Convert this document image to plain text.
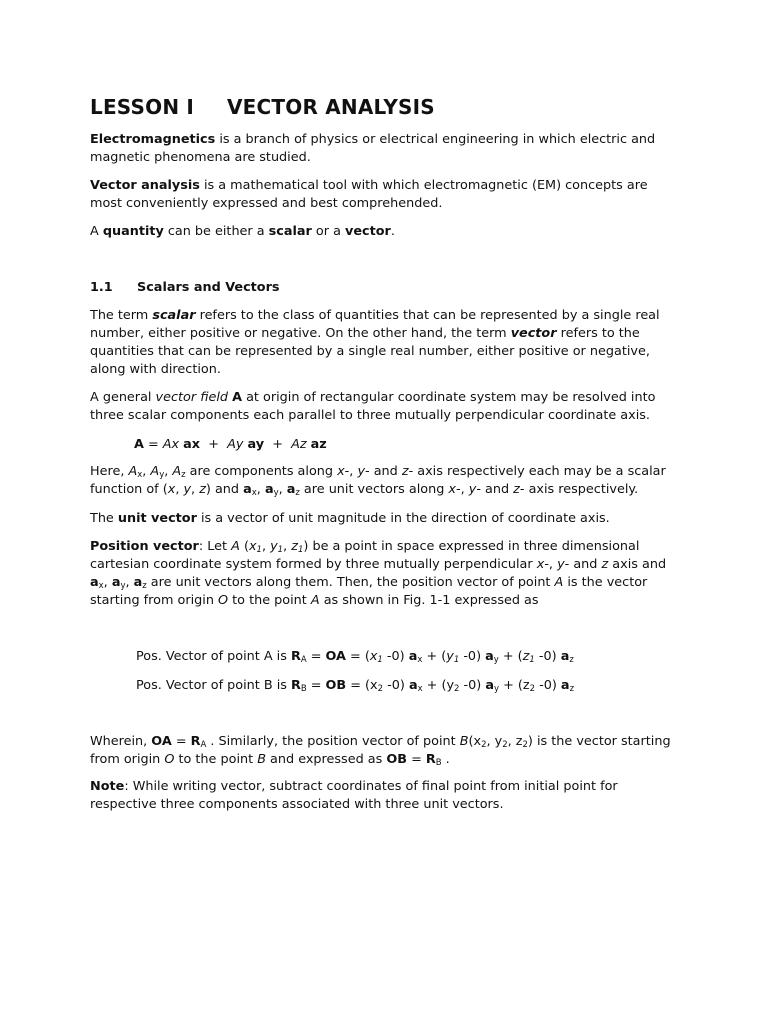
LESSON I VECTOR ANALYSIS

Electromagnetics is a branch of physics or electrical engineering in which electric and magnetic phenomena are studied.

Vector analysis is a mathematical tool with which electromagnetic (EM) concepts are most conveniently expressed and best comprehended.

A quantity can be either a scalar or a vector.

1.1 Scalars and Vectors

The term scalar refers to the class of quantities that can be represented by a single real number, either positive or negative. On the other hand, the term vector refers to the quantities that can be represented by a single real number, either positive or negative, along with direction.

A general vector field A at origin of rectangular coordinate system may be resolved into three scalar components each parallel to three mutually perpendicular coordinate axis.

A = Ax ax + Ay ay + Az az

Here, $A_x$, $A_y$, $A_z$ are components along x-, y- and z- axis respectively each may be a scalar function of (x, y, z) and $a_x$, $a_y$, $a_z$ are unit vectors along x-, y- and z- axis respectively.

The unit vector is a vector of unit magnitude in the direction of coordinate axis.

Position vector: Let A ($x_1$, $y_1$, $z_1$) be a point in space expressed in three dimensional cartesian coordinate system formed by three mutually perpendicular x-, y- and z axis and $a_x$, $a_y$, $a_z$ are unit vectors along them. Then, the position vector of point A is the vector starting from origin O to the point A as shown in Fig. 1-1 expressed as

Pos. Vector of point A is $R_A$ = OA = ($x_1$ -0) $a_x + (y_1$ -0) $a_y + (z_1$ -0) $a_z$
Pos. Vector of point B is $R_B$ = OB = ($x_2$ -0) $a_x + (y_2$ -0) $a_y + (z_2$ -0) $a_z$

Wherein, OA = $R_A$ . Similarly, the position vector of point $B(x_2$, $y_2$, $z_2$) is the vector starting from origin O to the point B and expressed as OB = $R_B$ .

Note: While writing vector, subtract coordinates of final point from initial point for respective three components associated with three unit vectors.
